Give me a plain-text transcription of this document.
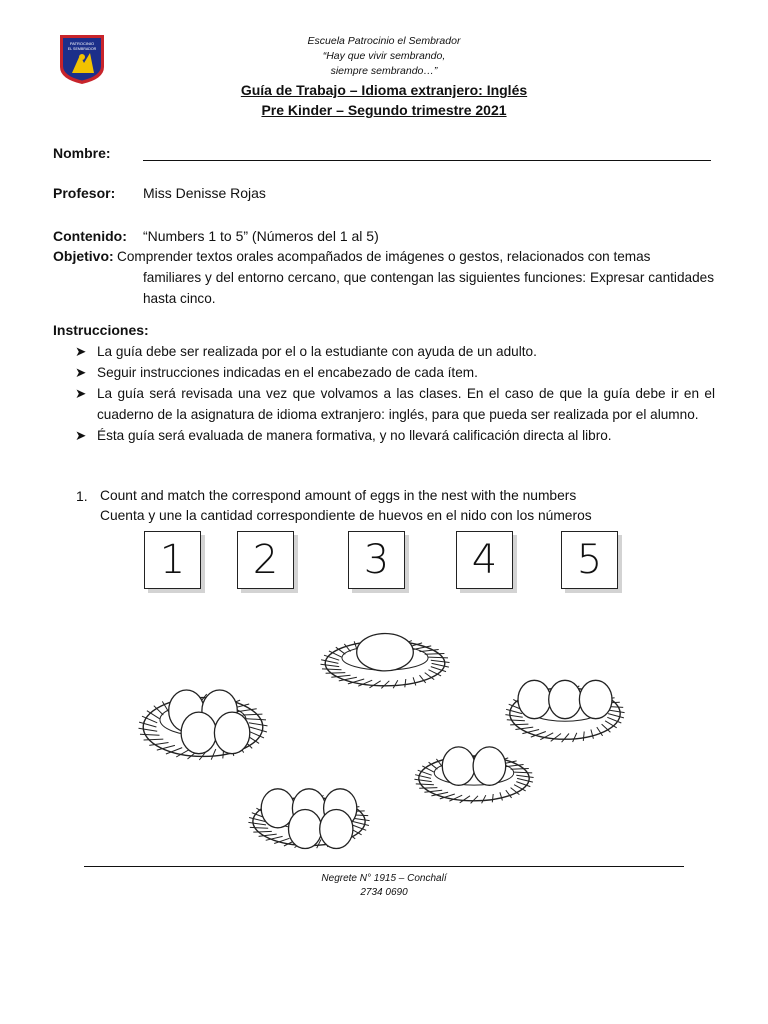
PATROCINIO
EL SEMBRADOR
Escuela Patrocinio el Sembrador
“Hay que vivir sembrando,
siempre sembrando…”
Guía de Trabajo – Idioma extranjero: Inglés
Pre Kinder – Segundo trimestre 2021
Nombre:
Profesor: Miss Denisse Rojas
Contenido: “Numbers 1 to 5” (Números del 1 al 5)
Objetivo: Comprender textos orales acompañados de imágenes o gestos, relacionados con temas
familiares y del entorno cercano, que contengan las siguientes funciones: Expresar cantidades hasta cinco.
Instrucciones:
➤ La guía debe ser realizada por el o la estudiante con ayuda de un adulto.
➤ Seguir instrucciones indicadas en el encabezado de cada ítem.
➤ La guía será revisada una vez que volvamos a las clases. En el caso de que la guía debe ir en el cuaderno de la asignatura de idioma extranjero: inglés, para que pueda ser realizada por el alumno.
➤ Ésta guía será evaluada de manera formativa, y no llevará calificación directa al libro.
1. Count and match the correspond amount of eggs in the nest with the numbers
Cuenta y une la cantidad correspondiente de huevos en el nido con los números
1	2	3	4	5
Negrete N° 1915 – Conchalí
2734 0690
